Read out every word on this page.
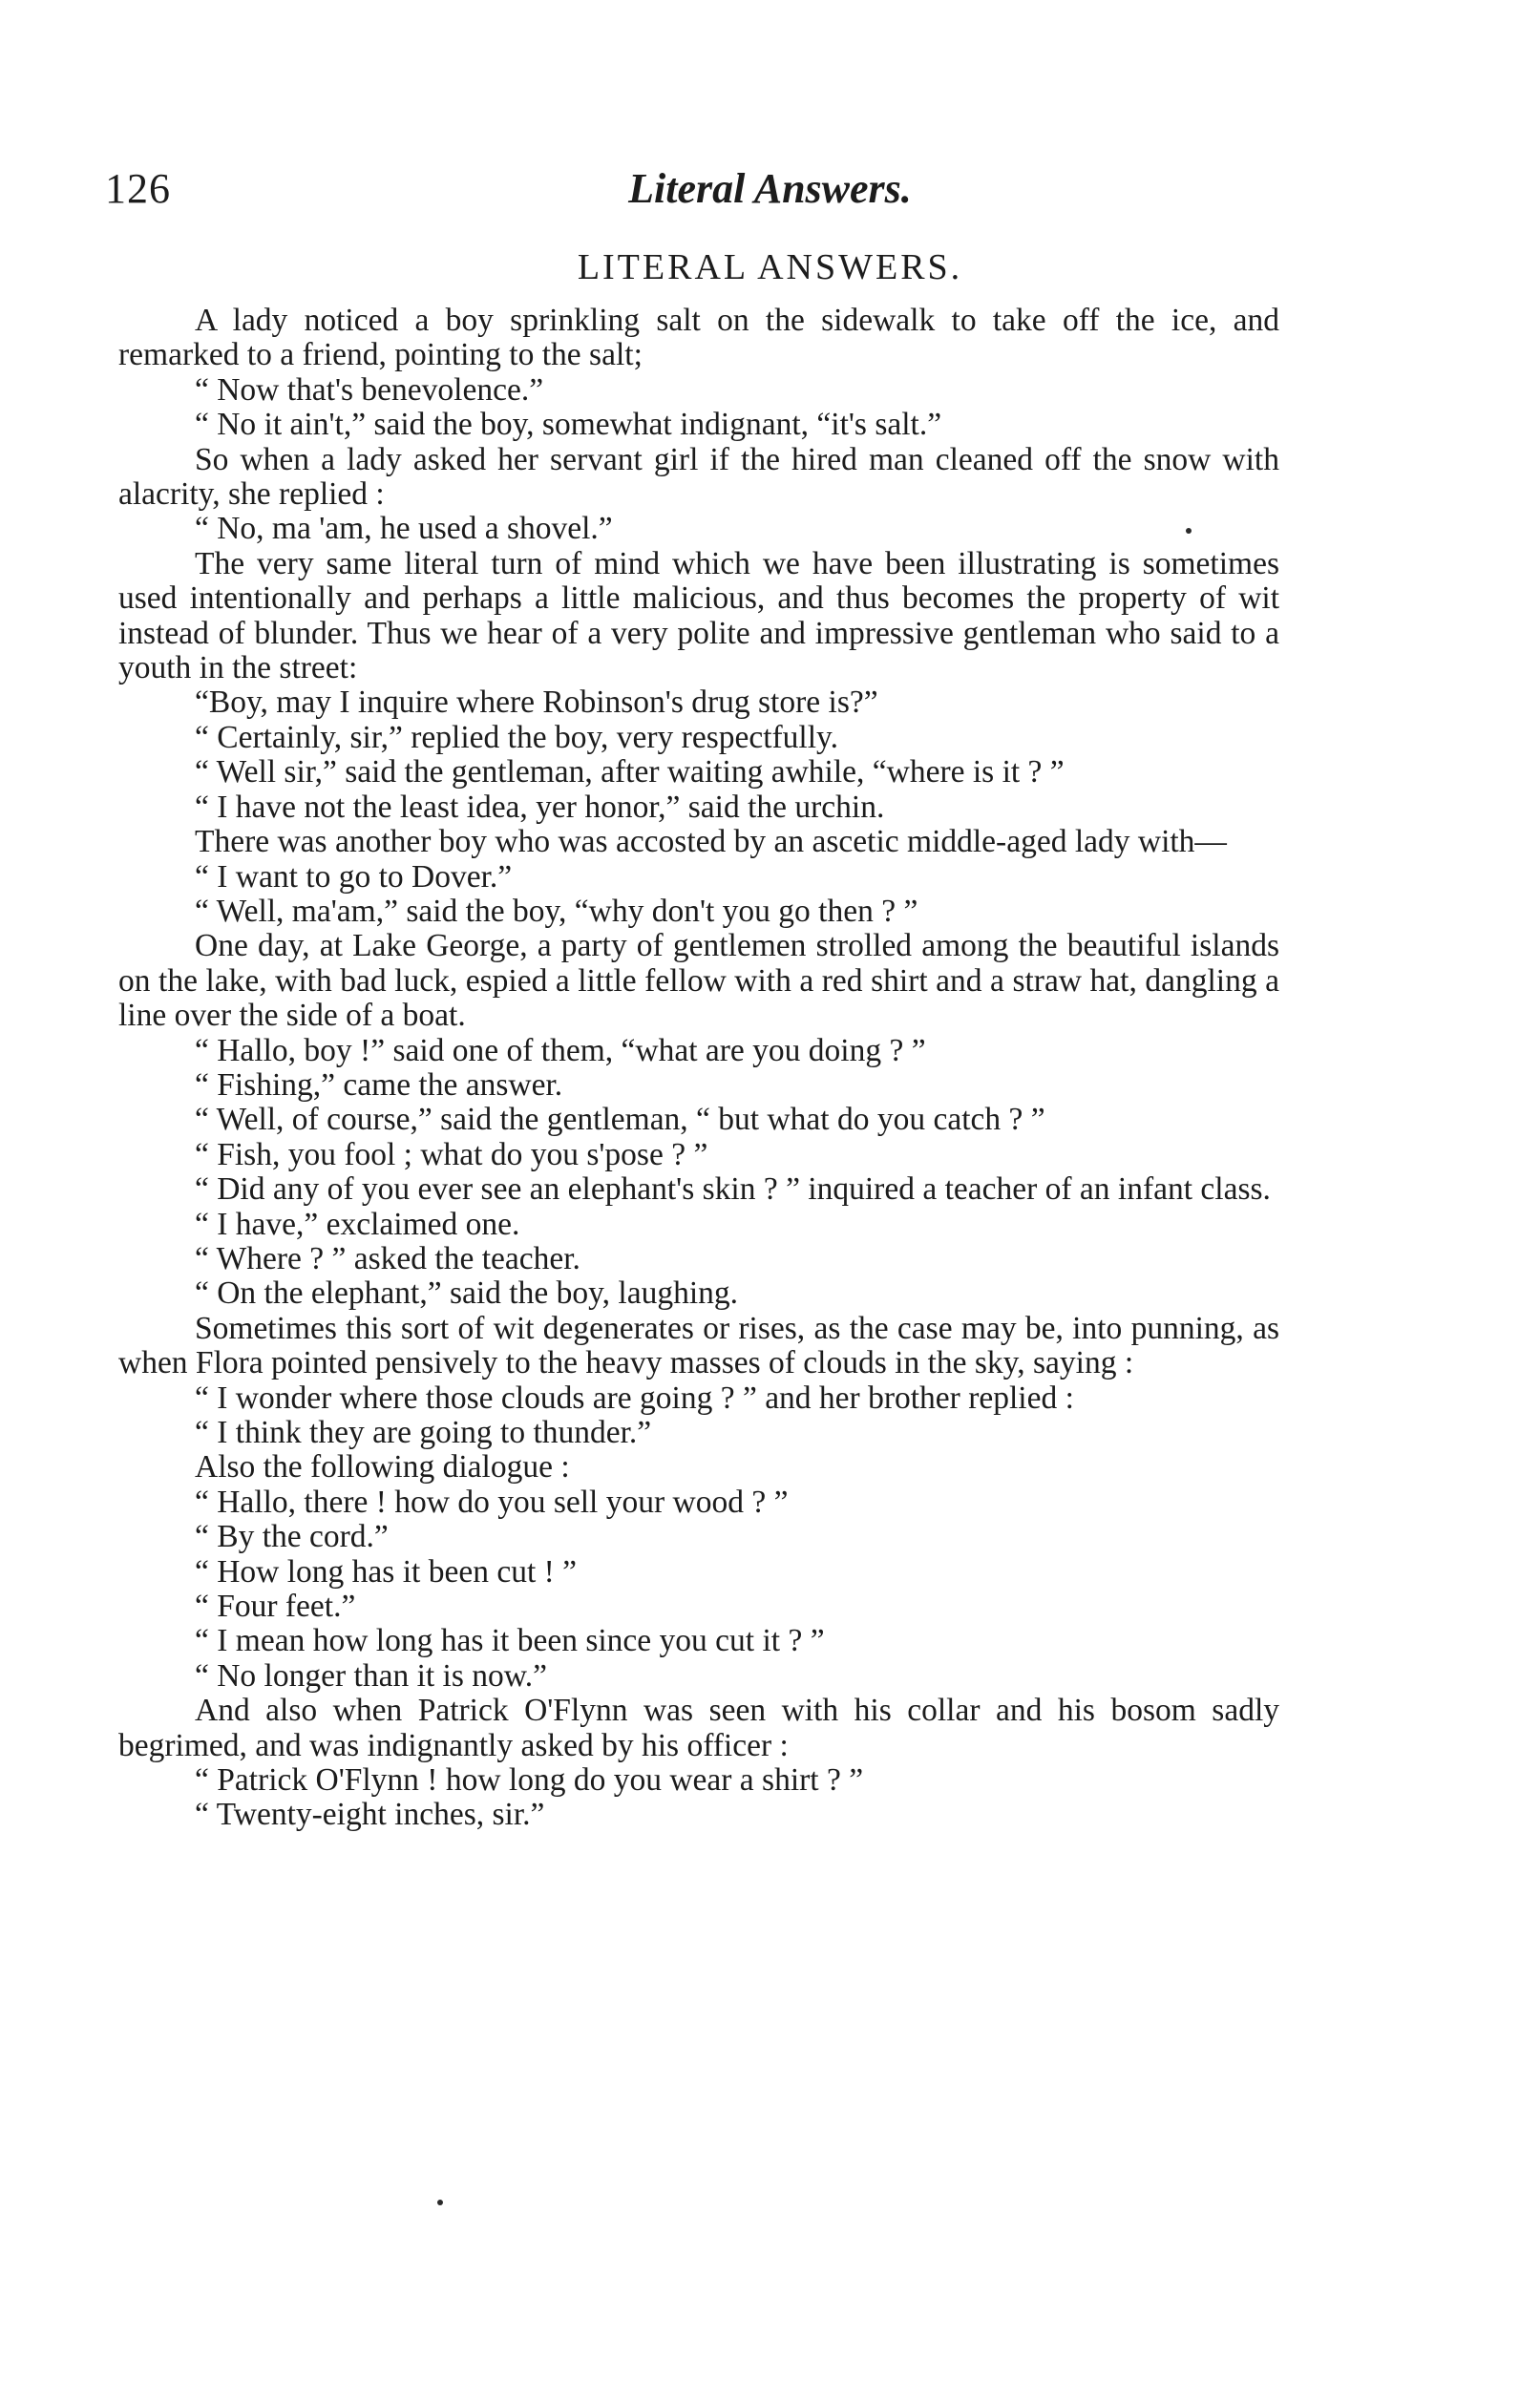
126	Literal Answers.
LITERAL ANSWERS.

A lady noticed a boy sprinkling salt on the sidewalk to take off the ice, and remarked to a friend, pointing to the salt;

“ Now that's benevolence.”

“ No it ain't,” said the boy, somewhat indignant, “it's salt.”

So when a lady asked her servant girl if the hired man cleaned off the snow with alacrity, she replied :

“ No, ma 'am, he used a shovel.”

The very same literal turn of mind which we have been illustrating is sometimes used intentionally and perhaps a little malicious, and thus becomes the property of wit instead of blunder. Thus we hear of a very polite and impressive gentleman who said to a youth in the street:

“Boy, may I inquire where Robinson's drug store is?”

“ Certainly, sir,” replied the boy, very respectfully.

“ Well sir,” said the gentleman, after waiting awhile, “where is it ? ”

“ I have not the least idea, yer honor,” said the urchin.

There was another boy who was accosted by an ascetic middle-aged lady with—

“ I want to go to Dover.”

“ Well, ma'am,” said the boy, “why don't you go then ? ”

One day, at Lake George, a party of gentlemen strolled among the beautiful islands on the lake, with bad luck, espied a little fellow with a red shirt and a straw hat, dangling a line over the side of a boat.

“ Hallo, boy !” said one of them, “what are you doing ? ”

“ Fishing,” came the answer.

“ Well, of course,” said the gentleman, “ but what do you catch ? ”

“ Fish, you fool ; what do you s'pose ? ”

“ Did any of you ever see an elephant's skin ? ” inquired a teacher of an infant class.

“ I have,” exclaimed one.

“ Where ? ” asked the teacher.

“ On the elephant,” said the boy, laughing.

Sometimes this sort of wit degenerates or rises, as the case may be, into punning, as when Flora pointed pensively to the heavy masses of clouds in the sky, saying :

“ I wonder where those clouds are going ? ” and her brother replied :

“ I think they are going to thunder.”

Also the following dialogue :

“ Hallo, there ! how do you sell your wood ? ”

“ By the cord.”

“ How long has it been cut ! ”

“ Four feet.”

“ I mean how long has it been since you cut it ? ”

“ No longer than it is now.”

And also when Patrick O'Flynn was seen with his collar and his bosom sadly begrimed, and was indignantly asked by his officer :

“ Patrick O'Flynn ! how long do you wear a shirt ? ”

“ Twenty-eight inches, sir.”
